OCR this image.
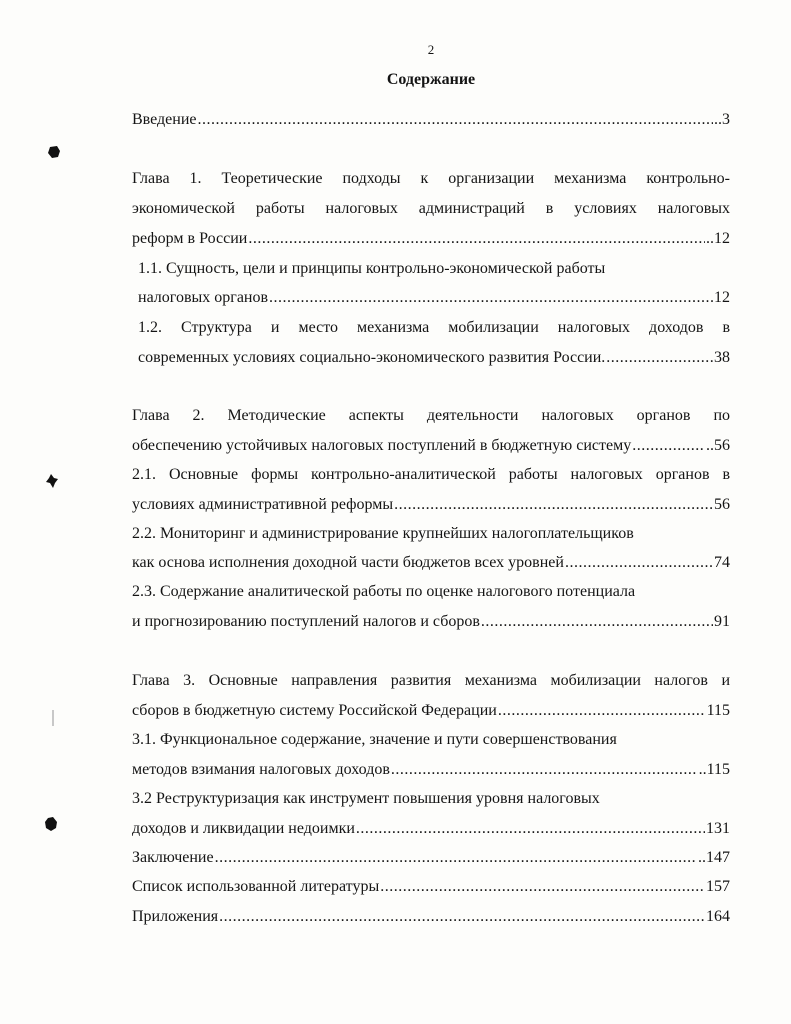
2
Содержание
Введение .....	..3
Глава 1. Теоретические подходы к организации механизма контрольно-
экономической работы налоговых администраций в условиях налоговых
реформ в России .....	..12
1.1. Сущность, цели и принципы контрольно-экономической работы
налоговых органов .....	12
1.2. Структура и место механизма мобилизации налоговых доходов в
современных условиях социально-экономического развития России. .....	38
Глава 2. Методические аспекты деятельности налоговых органов по
обеспечению устойчивых налоговых поступлений в бюджетную систему .....	..56
2.1. Основные формы контрольно-аналитической работы налоговых органов в
условиях административной реформы .....	56
2.2. Мониторинг и администрирование крупнейших налогоплательщиков
как основа исполнения доходной части бюджетов всех уровней .....	74
2.3. Содержание аналитической работы по оценке налогового потенциала
и прогнозированию поступлений налогов и сборов .....	91
Глава 3. Основные направления развития механизма мобилизации налогов и
сборов в бюджетную систему Российской Федерации .....	115
3.1. Функциональное содержание, значение и пути совершенствования
методов взимания налоговых доходов .....	..115
3.2 Реструктуризация как инструмент повышения уровня налоговых
доходов и ликвидации недоимки .....	131
Заключение .....	..147
Список использованной литературы .....	157
Приложения .....	164
